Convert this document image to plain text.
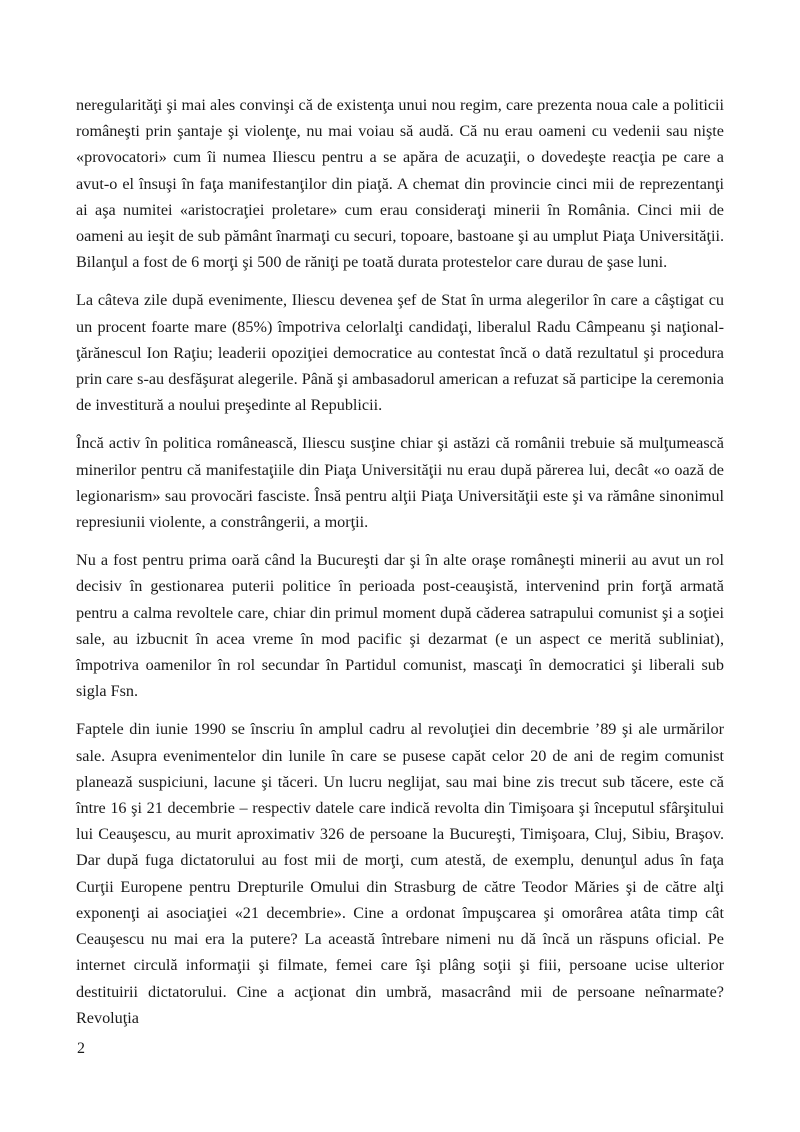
neregularităţi şi mai ales convinşi că de existenţa unui nou regim, care prezenta noua cale a politicii româneşti prin şantaje şi violenţe, nu mai voiau să audă. Că nu erau oameni cu vedenii sau nişte «provocatori» cum îi numea Iliescu pentru a se apăra de acuzaţii, o dovedeşte reacţia pe care a avut-o el însuşi în faţa manifestanţilor din piaţă. A chemat din provincie cinci mii de reprezentanţi ai aşa numitei «aristocraţiei proletare» cum erau consideraţi minerii în România. Cinci mii de oameni au ieşit de sub pământ înarmaţi cu securi, topoare, bastoane şi au umplut Piaţa Universităţii. Bilanţul a fost de 6 morţi şi 500 de răniţi pe toată durata protestelor care durau de şase luni.

La câteva zile după evenimente, Iliescu devenea şef de Stat în urma alegerilor în care a câştigat cu un procent foarte mare (85%) împotriva celorlalţi candidaţi, liberalul Radu Câmpeanu şi naţional-ţărănescul Ion Raţiu; leaderii opoziţiei democratice au contestat încă o dată rezultatul şi procedura prin care s-au desfăşurat alegerile. Până şi ambasadorul american a refuzat să participe la ceremonia de investitură a noului preşedinte al Republicii.

Încă activ în politica românească, Iliescu susţine chiar şi astăzi că românii trebuie să mulţumească minerilor pentru că manifestaţiile din Piaţa Universităţii nu erau după părerea lui, decât «o oază de legionarism» sau provocări fasciste. Însă pentru alţii Piaţa Universităţii este şi va rămâne sinonimul represiunii violente, a constrângerii, a morţii.

Nu a fost pentru prima oară când la Bucureşti dar şi în alte oraşe româneşti minerii au avut un rol decisiv în gestionarea puterii politice în perioada post-ceauşistă, intervenind prin forţă armată pentru a calma revoltele care, chiar din primul moment după căderea satrapului comunist şi a soţiei sale, au izbucnit în acea vreme în mod pacific şi dezarmat (e un aspect ce merită subliniat), împotriva oamenilor în rol secundar în Partidul comunist, mascaţi în democratici şi liberali sub sigla Fsn.

Faptele din iunie 1990 se înscriu în amplul cadru al revoluţiei din decembrie ’89 şi ale urmărilor sale. Asupra evenimentelor din lunile în care se pusese capăt celor 20 de ani de regim comunist planează suspiciuni, lacune şi tăceri. Un lucru neglijat, sau mai bine zis trecut sub tăcere, este că între 16 şi 21 decembrie – respectiv datele care indică revolta din Timişoara şi începutul sfârşitului lui Ceauşescu, au murit aproximativ 326 de persoane la Bucureşti, Timişoara, Cluj, Sibiu, Braşov. Dar după fuga dictatorului au fost mii de morţi, cum atestă, de exemplu, denunţul adus în faţa Curţii Europene pentru Drepturile Omului din Strasburg de către Teodor Măries şi de către alţi exponenţi ai asociaţiei «21 decembrie». Cine a ordonat împuşcarea şi omorârea atâta timp cât Ceauşescu nu mai era la putere? La această întrebare nimeni nu dă încă un răspuns oficial. Pe internet circulă informaţii şi filmate, femei care îşi plâng soţii şi fiii, persoane ucise ulterior destituirii dictatorului. Cine a acţionat din umbră, masacrând mii de persoane neînarmate? Revoluţia

2
